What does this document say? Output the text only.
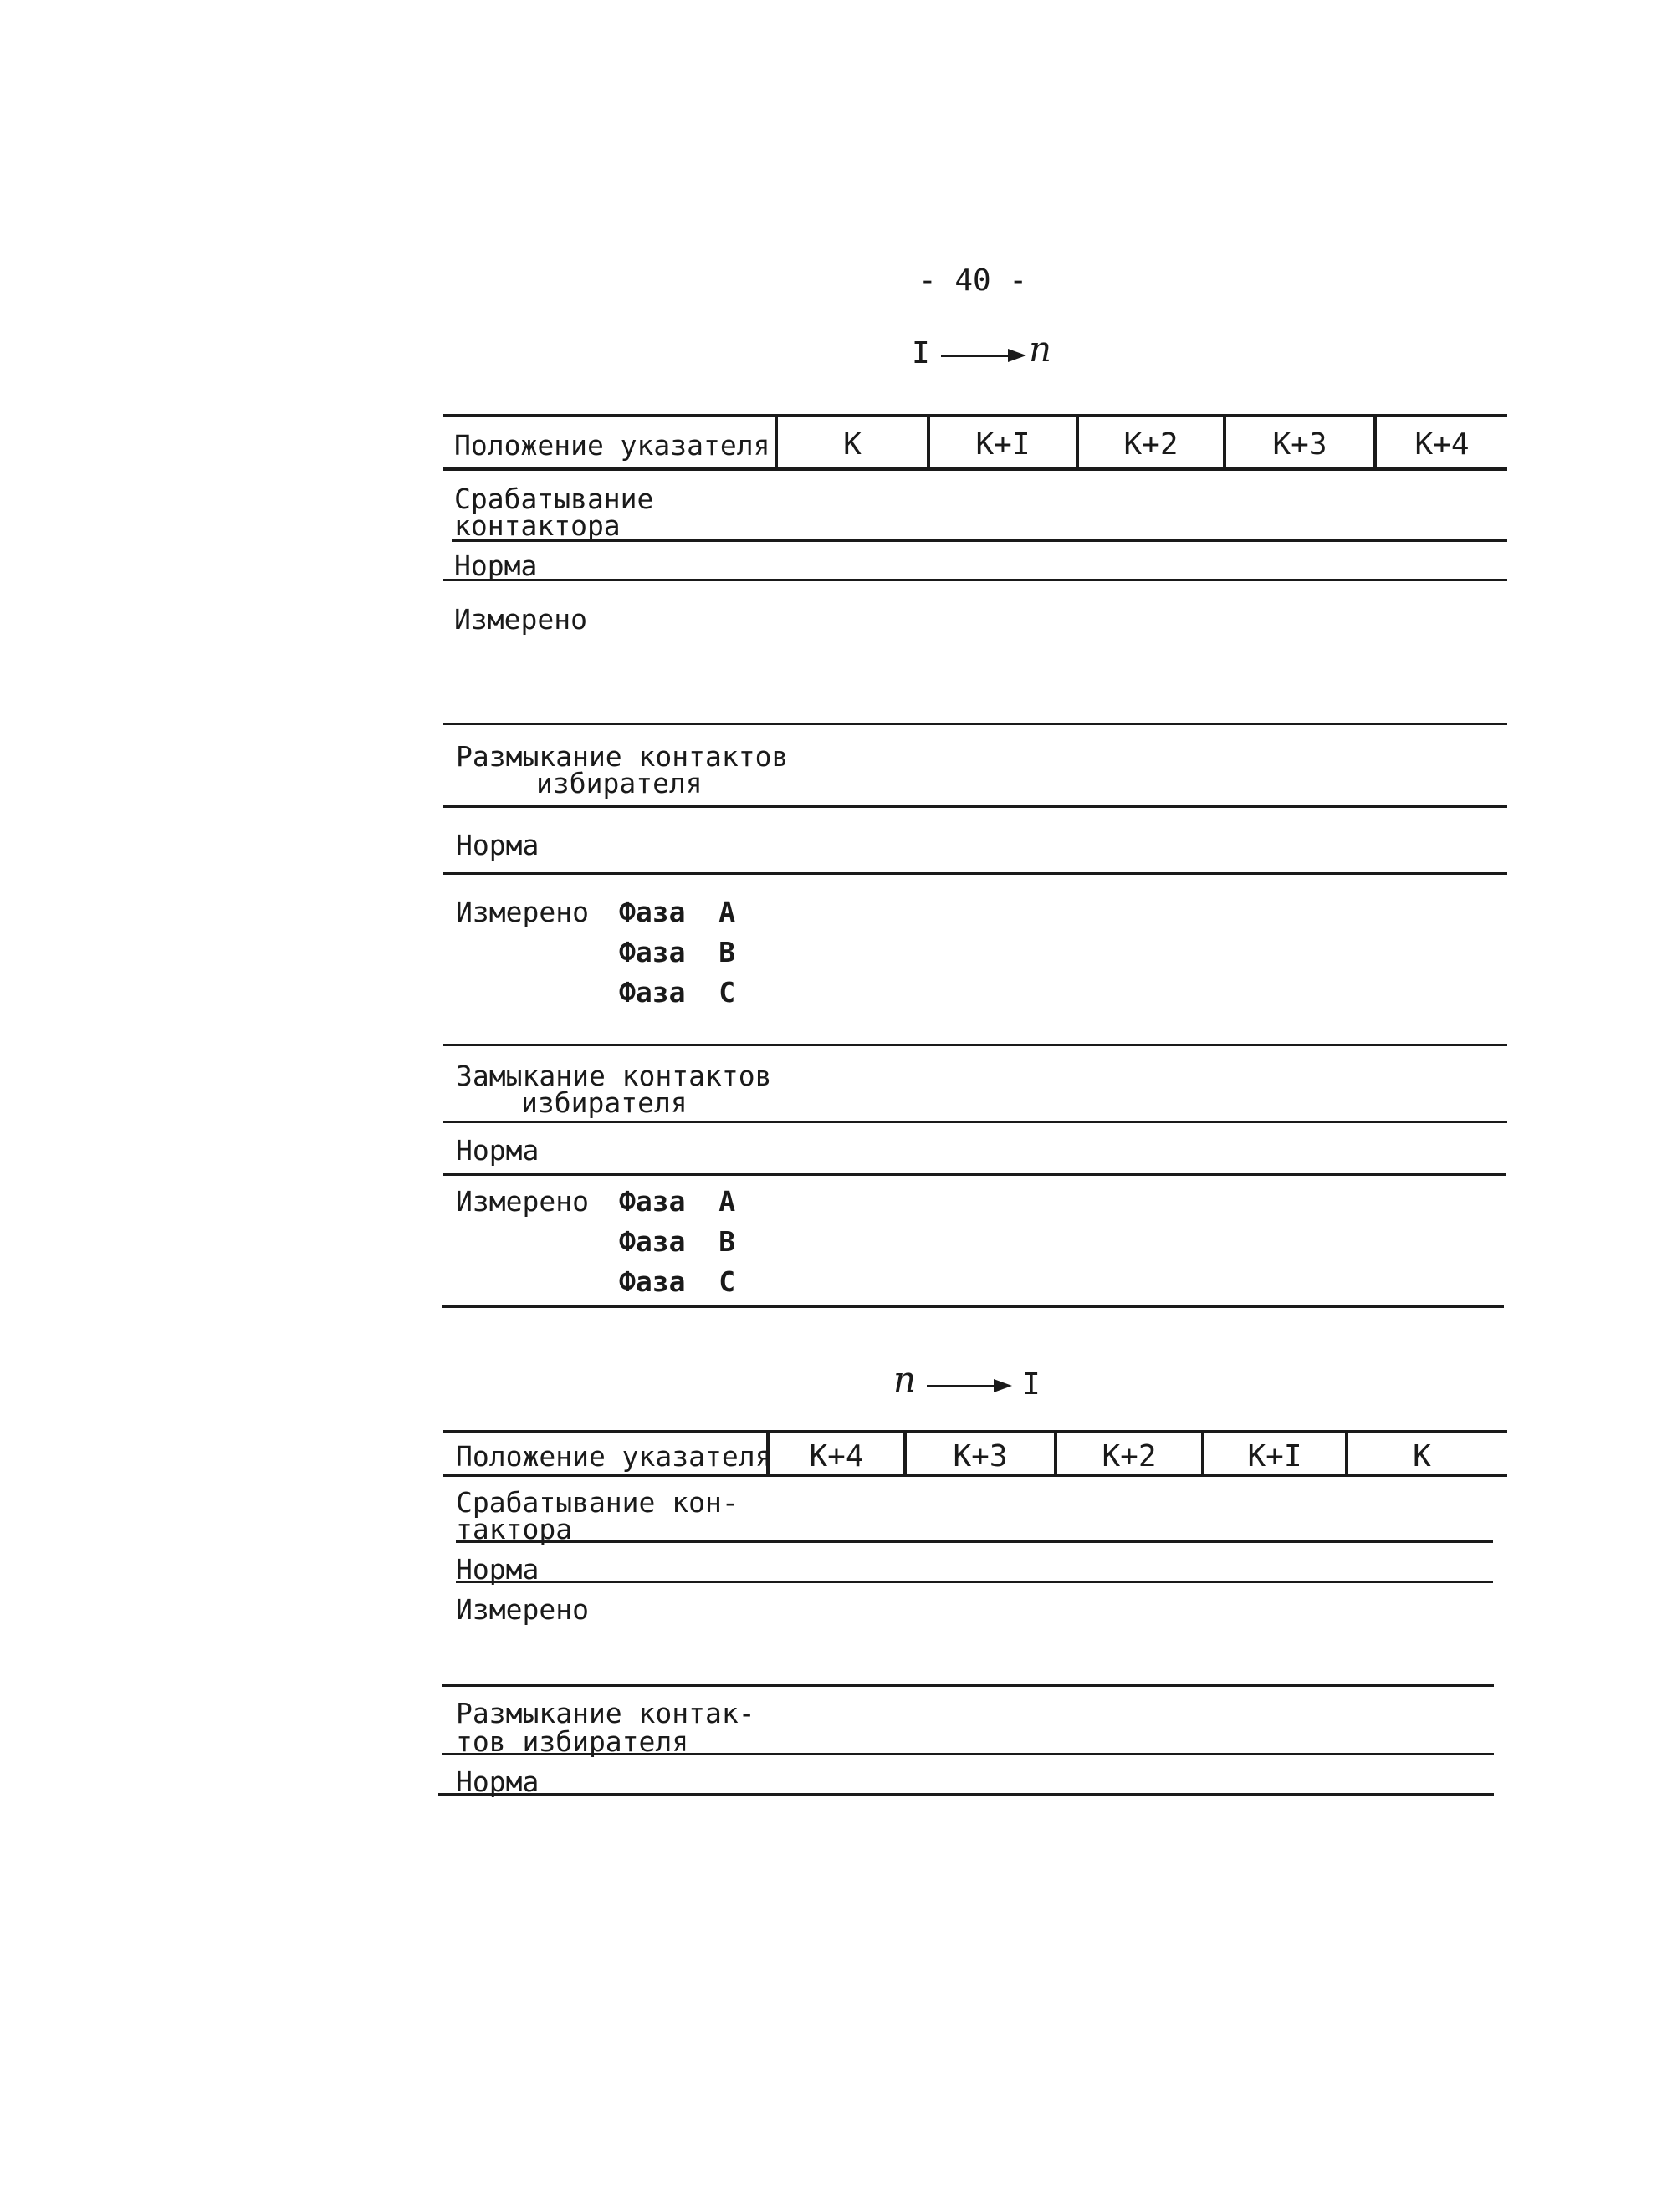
- 40 -
I	n
Положение указателя	К	К+I	К+2	К+3	К+4
Срабатывание
контактора
Норма
Измерено
Размыкание контактов
избирателя
Норма
Измерено Фаза  А
Фаза  В
Фаза  С
Замыкание контактов
избирателя
Норма
Измерено Фаза  А
Фаза  В
Фаза  С
n	I
Положение указателя	К+4	К+3	К+2	К+I	К
Срабатывание кон-
тактора
Норма
Измерено
Размыкание контак-
тов избирателя
Норма
